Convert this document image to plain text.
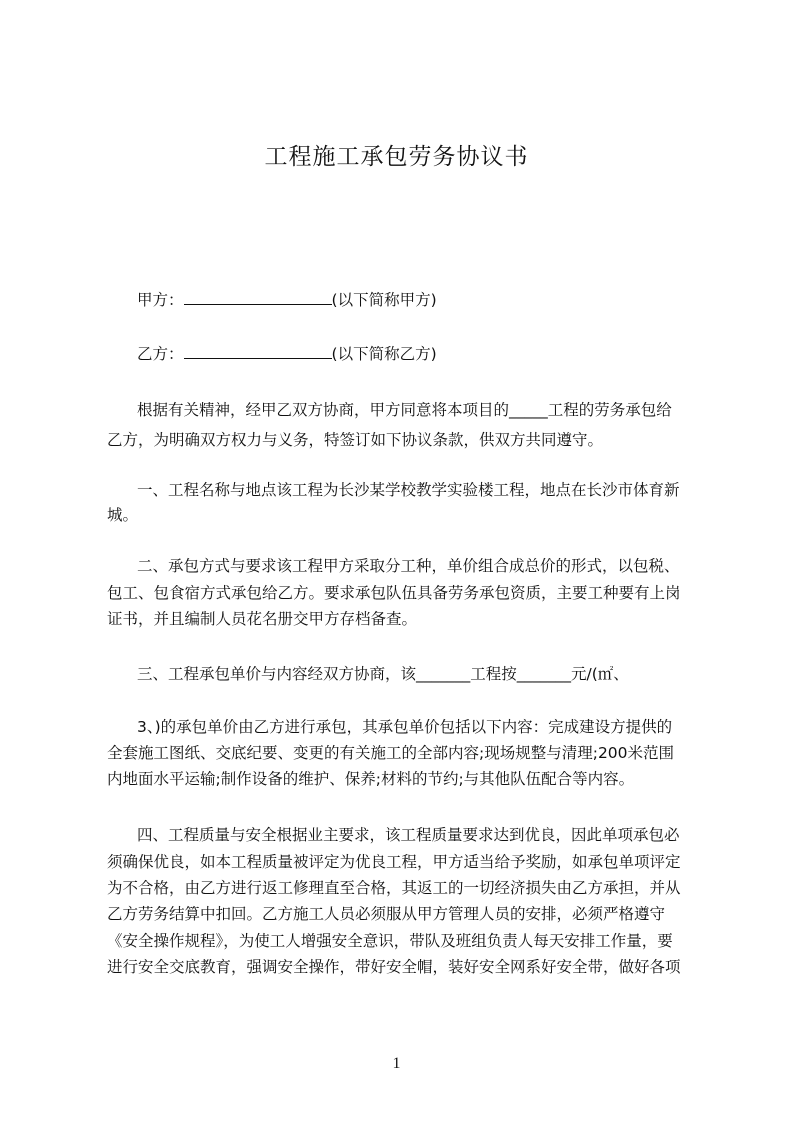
工程施工承包劳务协议书
甲方：	(以下简称甲方)
乙方：	(以下简称乙方)
根据有关精神，经甲乙双方协商，甲方同意将本项目的_____工程的劳务承包给
乙方，为明确双方权力与义务，特签订如下协议条款，供双方共同遵守。
一、工程名称与地点该工程为长沙某学校教学实验楼工程，地点在长沙市体育新
城。
二、承包方式与要求该工程甲方采取分工种，单价组合成总价的形式，以包税、
包工、包食宿方式承包给乙方。要求承包队伍具备劳务承包资质，主要工种要有上岗
证书，并且编制人员花名册交甲方存档备查。
三、工程承包单价与内容经双方协商，该_______工程按_______元/(㎡、
3、)的承包单价由乙方进行承包，其承包单价包括以下内容：完成建设方提供的
全套施工图纸、交底纪要、变更的有关施工的全部内容;现场规整与清理;200米范围
内地面水平运输;制作设备的维护、保养;材料的节约;与其他队伍配合等内容。
四、工程质量与安全根据业主要求，该工程质量要求达到优良，因此单项承包必
须确保优良，如本工程质量被评定为优良工程，甲方适当给予奖励，如承包单项评定
为不合格，由乙方进行返工修理直至合格，其返工的一切经济损失由乙方承担，并从
乙方劳务结算中扣回。乙方施工人员必须服从甲方管理人员的安排，必须严格遵守
《安全操作规程》，为使工人增强安全意识，带队及班组负责人每天安排工作量，要
进行安全交底教育，强调安全操作，带好安全帽，装好安全网系好安全带，做好各项
1
